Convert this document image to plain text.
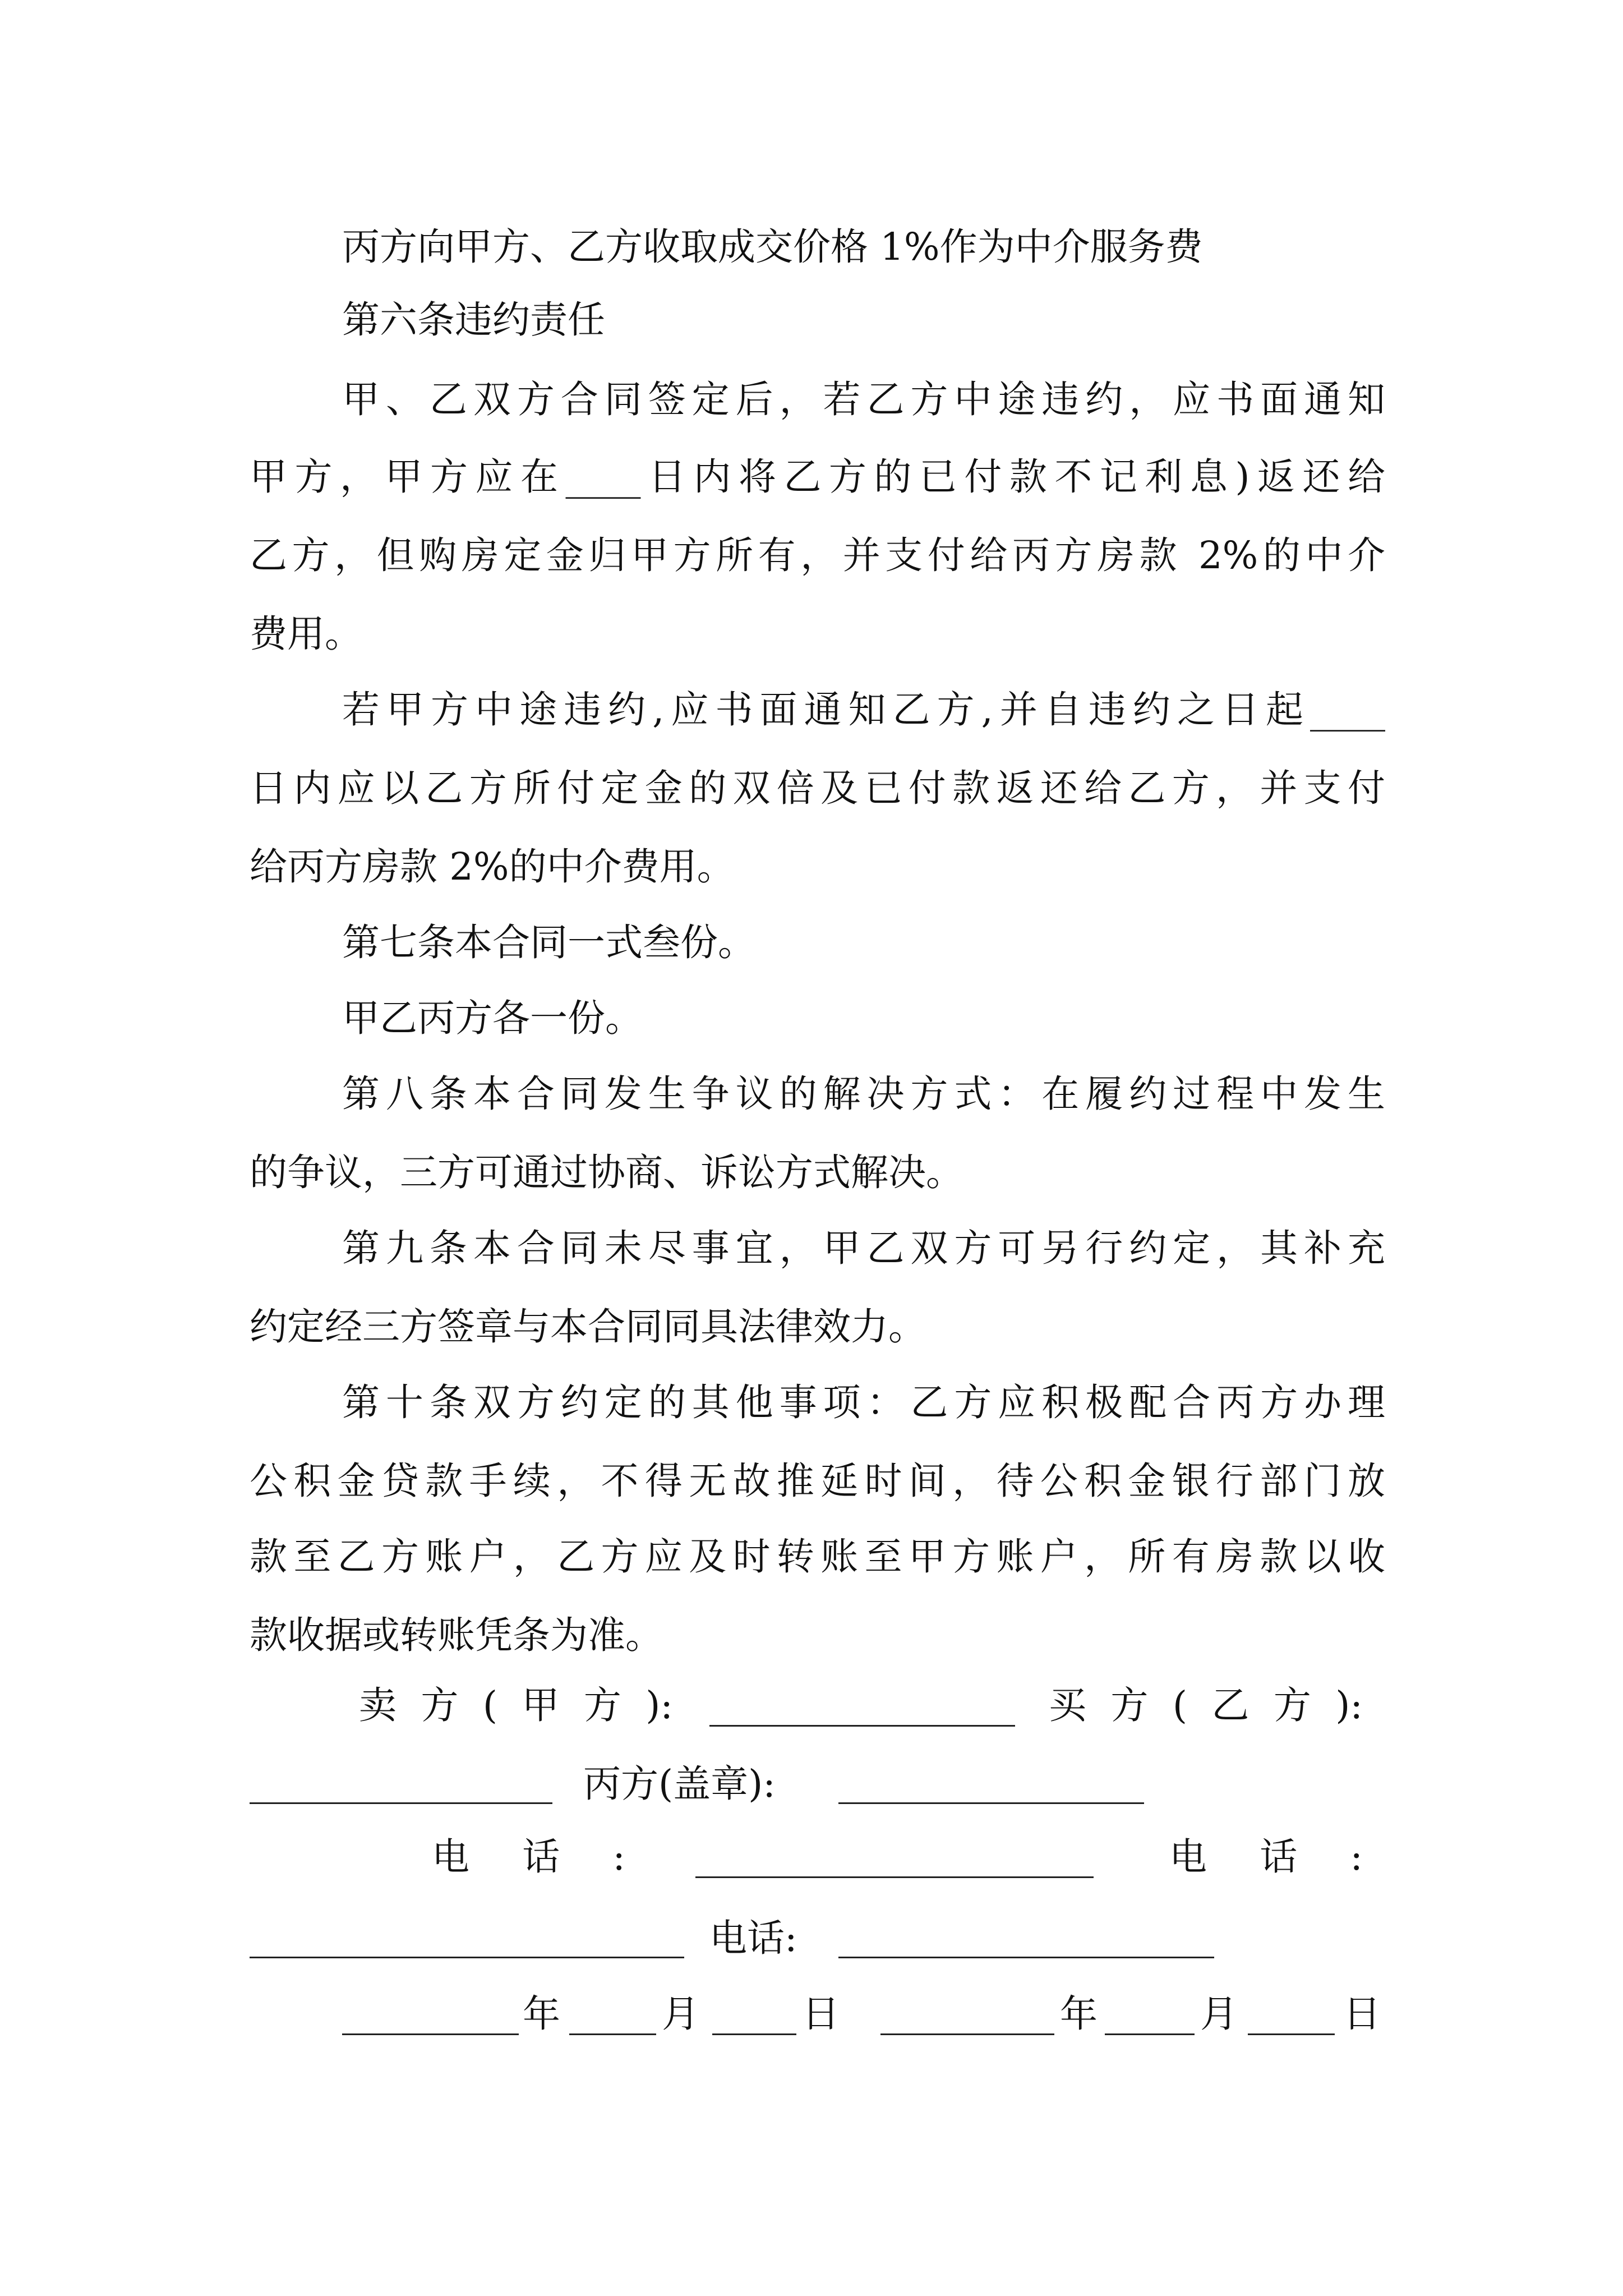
丙方向甲方、乙方收取成交价格 1%作为中介服务费
第六条违约责任
甲、乙双方合同签定后，若乙方中途违约，应书面通知
甲方，甲方应在____日内将乙方的已付款不记利息)返还给
乙方，但购房定金归甲方所有，并支付给丙方房款 2%的中介
费用。
若甲方中途违约,应书面通知乙方,并自违约之日起____
日内应以乙方所付定金的双倍及已付款返还给乙方，并支付
给丙方房款 2%的中介费用。
第七条本合同一式叁份。
甲乙丙方各一份。
第八条本合同发生争议的解决方式：在履约过程中发生
的争议，三方可通过协商、诉讼方式解决。
第九条本合同未尽事宜，甲乙双方可另行约定，其补充
约定经三方签章与本合同同具法律效力。
第十条双方约定的其他事项：乙方应积极配合丙方办理
公积金贷款手续，不得无故推延时间，待公积金银行部门放
款至乙方账户，乙方应及时转账至甲方账户，所有房款以收
款收据或转账凭条为准。
卖方(甲方):	买方(乙方):
丙方(盖章):
电话:	电话:
电话:
年	月	日	年	月	日
